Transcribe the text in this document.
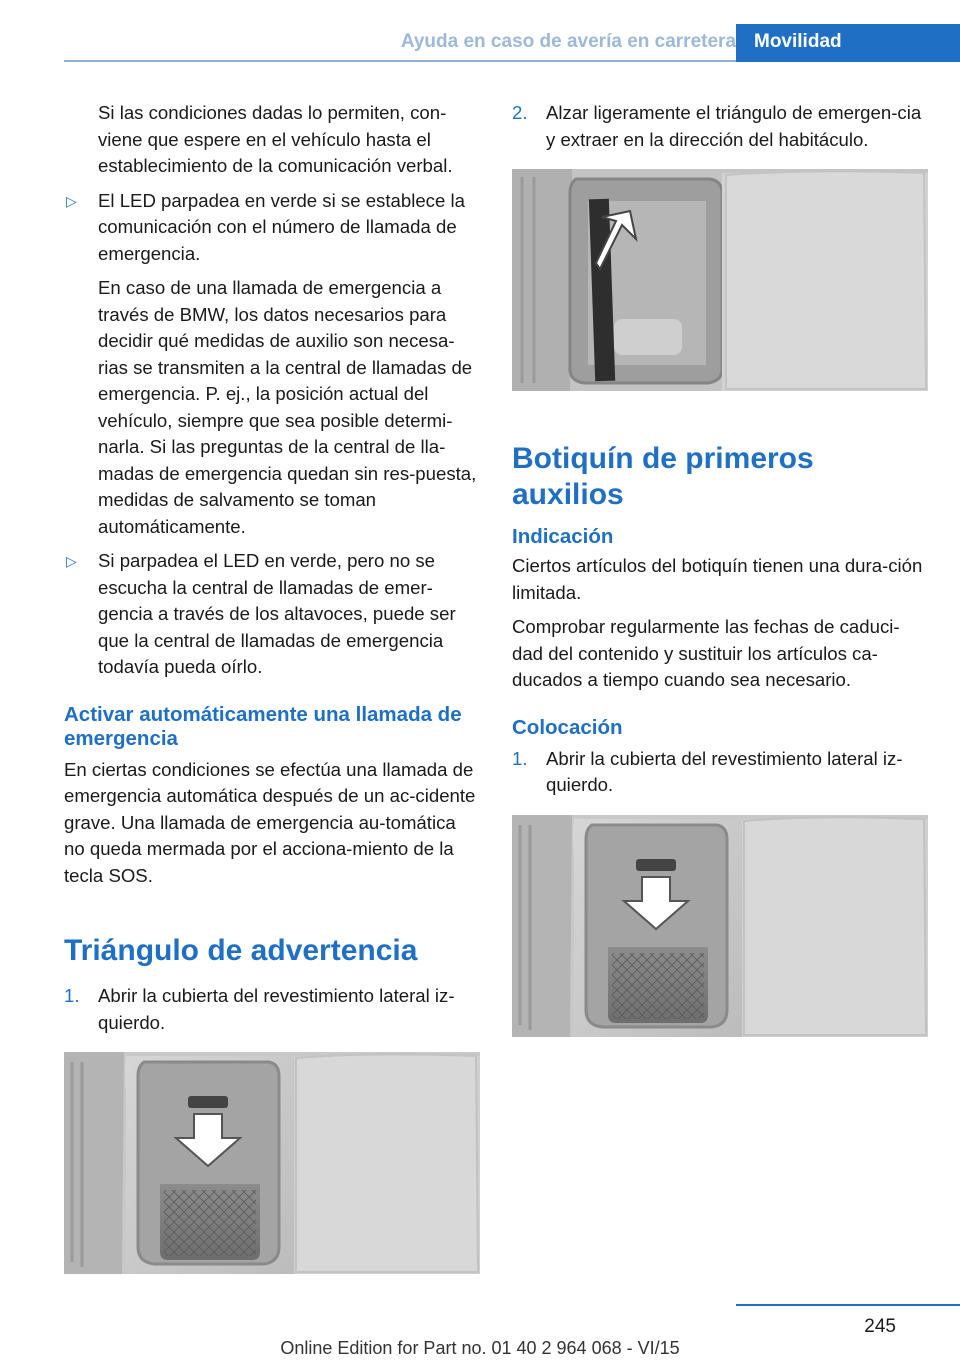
Ayuda en caso de avería en carretera Movilidad

Si las condiciones dadas lo permiten, con-viene que espere en el vehículo hasta el establecimiento de la comunicación verbal.

▷ El LED parpadea en verde si se establece la comunicación con el número de llamada de emergencia.

En caso de una llamada de emergencia a través de BMW, los datos necesarios para decidir qué medidas de auxilio son necesa-rias se transmiten a la central de llamadas de emergencia. P. ej., la posición actual del vehículo, siempre que sea posible determi-narla. Si las preguntas de la central de lla-madas de emergencia quedan sin res-puesta, medidas de salvamento se toman automáticamente.

▷ Si parpadea el LED en verde, pero no se escucha la central de llamadas de emer-gencia a través de los altavoces, puede ser que la central de llamadas de emergencia todavía pueda oírlo.

Activar automáticamente una llamada de emergencia

En ciertas condiciones se efectúa una llamada de emergencia automática después de un ac-cidente grave. Una llamada de emergencia au-tomática no queda mermada por el acciona-miento de la tecla SOS.

Triángulo de advertencia
1. Abrir la cubierta del revestimiento lateral iz-quierdo.

2. Alzar ligeramente el triángulo de emergen-cia y extraer en la dirección del habitáculo.

Botiquín de primeros auxilios
Indicación

Ciertos artículos del botiquín tienen una dura-ción limitada.

Comprobar regularmente las fechas de caduci-dad del contenido y sustituir los artículos ca-ducados a tiempo cuando sea necesario.

Colocación
1. Abrir la cubierta del revestimiento lateral iz-quierdo.

245
Online Edition for Part no. 01 40 2 964 068 - VI/15
